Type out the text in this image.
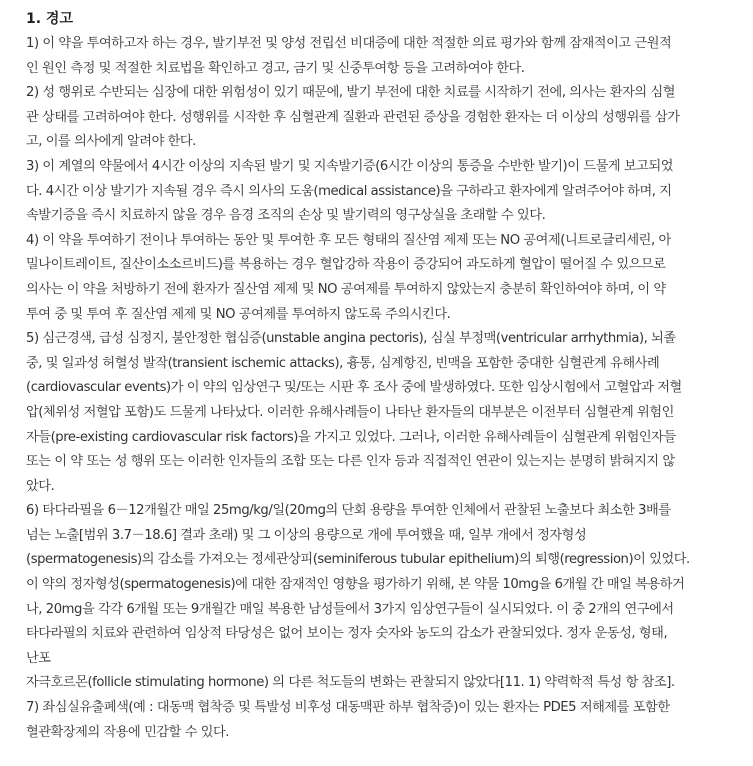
1. 경고
1) 이 약을 투여하고자 하는 경우, 발기부전 및 양성 전립선 비대증에 대한 적절한 의료 평가와 함께 잠재적이고 근원적
인 원인 측정 및 적절한 치료법을 확인하고 경고, 금기 및 신중투여항 등을 고려하여야 한다.
2) 성 행위로 수반되는 심장에 대한 위험성이 있기 때문에, 발기 부전에 대한 치료를 시작하기 전에, 의사는 환자의 심혈
관 상태를 고려하여야 한다. 성행위를 시작한 후 심혈관계 질환과 관련된 증상을 경험한 환자는 더 이상의 성행위를 삼가
고, 이를 의사에게 알려야 한다.
3) 이 계열의 약물에서 4시간 이상의 지속된 발기 및 지속발기증(6시간 이상의 통증을 수반한 발기)이 드물게 보고되었
다. 4시간 이상 발기가 지속될 경우 즉시 의사의 도움(medical assistance)을 구하라고 환자에게 알려주어야 하며, 지
속발기증을 즉시 치료하지 않을 경우 음경 조직의 손상 및 발기력의 영구상실을 초래할 수 있다.
4) 이 약을 투여하기 전이나 투여하는 동안 및 투여한 후 모든 형태의 질산염 제제 또는 NO 공여제(니트로글리세린, 아
밀나이트레이트, 질산이소소르비드)를 복용하는 경우 혈압강하 작용이 증강되어 과도하게 혈압이 떨어질 수 있으므로
의사는 이 약을 처방하기 전에 환자가 질산염 제제 및 NO 공여제를 투여하지 않았는지 충분히 확인하여야 하며, 이 약
투여 중 및 투여 후 질산염 제제 및 NO 공여제를 투여하지 않도록 주의시킨다.
5) 심근경색, 급성 심정지, 불안정한 협심증(unstable angina pectoris), 심실 부정맥(ventricular arrhythmia), 뇌졸
중, 및 일과성 허혈성 발작(transient ischemic attacks), 흉통, 심계항진, 빈맥을 포함한 중대한 심혈관계 유해사례
(cardiovascular events)가 이 약의 임상연구 및/또는 시판 후 조사 중에 발생하였다. 또한 임상시험에서 고혈압과 저혈
압(체위성 저혈압 포함)도 드물게 나타났다. 이러한 유해사례들이 나타난 환자들의 대부분은 이전부터 심혈관계 위험인
자들(pre-existing cardiovascular risk factors)을 가지고 있었다. 그러나, 이러한 유해사례들이 심혈관계 위험인자들
또는 이 약 또는 성 행위 또는 이러한 인자들의 조합 또는 다른 인자 등과 직접적인 연관이 있는지는 분명히 밝혀지지 않
았다.
6) 타다라필을 6－12개월간 매일 25mg/kg/일(20mg의 단회 용량을 투여한 인체에서 관찰된 노출보다 최소한 3배를
넘는 노출[범위 3.7－18.6] 결과 초래) 및 그 이상의 용량으로 개에 투여했을 때, 일부 개에서 정자형성
(spermatogenesis)의 감소를 가져오는 정세관상피(seminiferous tubular epithelium)의 퇴행(regression)이 있었다.
이 약의 정자형성(spermatogenesis)에 대한 잠재적인 영향을 평가하기 위해, 본 약물 10mg을 6개월 간 매일 복용하거
나, 20mg을 각각 6개월 또는 9개월간 매일 복용한 남성들에서 3가지 임상연구들이 실시되었다. 이 중 2개의 연구에서
타다라필의 치료와 관련하여 임상적 타당성은 없어 보이는 정자 숫자와 농도의 감소가 관찰되었다. 정자 운동성, 형태,
난포
자극호르몬(follicle stimulating hormone) 의 다른 척도들의 변화는 관찰되지 않았다[11. 1) 약력학적 특성 항 참조].
7) 좌심실유출폐색(예 : 대동맥 협착증 및 특발성 비후성 대동맥판 하부 협착증)이 있는 환자는 PDE5 저해제를 포함한
혈관확장제의 작용에 민감할 수 있다.
